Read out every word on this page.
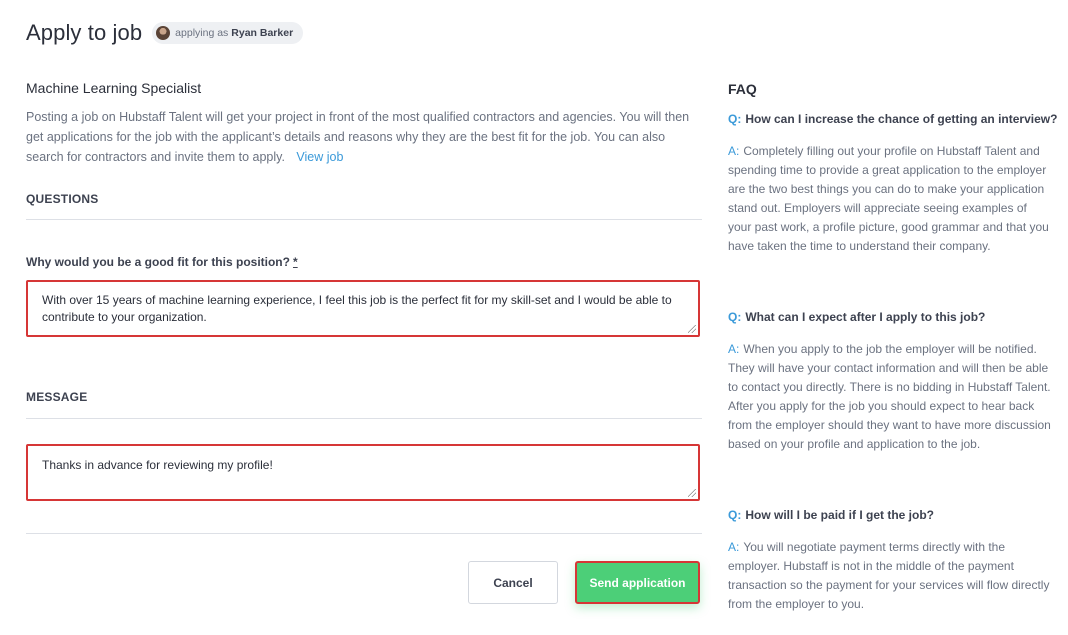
Apply to job	applying as Ryan Barker
Machine Learning Specialist

Posting a job on Hubstaff Talent will get your project in front of the most qualified contractors and agencies. You will then get applications for the job with the applicant’s details and reasons why they are the best fit for the job. You can also search for contractors and invite them to apply. View job

QUESTIONS
Why would you be a good fit for this position? *
With over 15 years of machine learning experience, I feel this job is the perfect fit for my skill-set and I would be able to contribute to your organization.
MESSAGE
Thanks in advance for reviewing my profile!
Cancel	Send application
FAQ
Q: How can I increase the chance of getting an interview?
A: Completely filling out your profile on Hubstaff Talent and spending time to provide a great application to the employer are the two best things you can do to make your application stand out. Employers will appreciate seeing examples of your past work, a profile picture, good grammar and that you have taken the time to understand their company.
Q: What can I expect after I apply to this job?
A: When you apply to the job the employer will be notified. They will have your contact information and will then be able to contact you directly. There is no bidding in Hubstaff Talent. After you apply for the job you should expect to hear back from the employer should they want to have more discussion based on your profile and application to the job.
Q: How will I be paid if I get the job?
A: You will negotiate payment terms directly with the employer. Hubstaff is not in the middle of the payment transaction so the payment for your services will flow directly from the employer to you.
